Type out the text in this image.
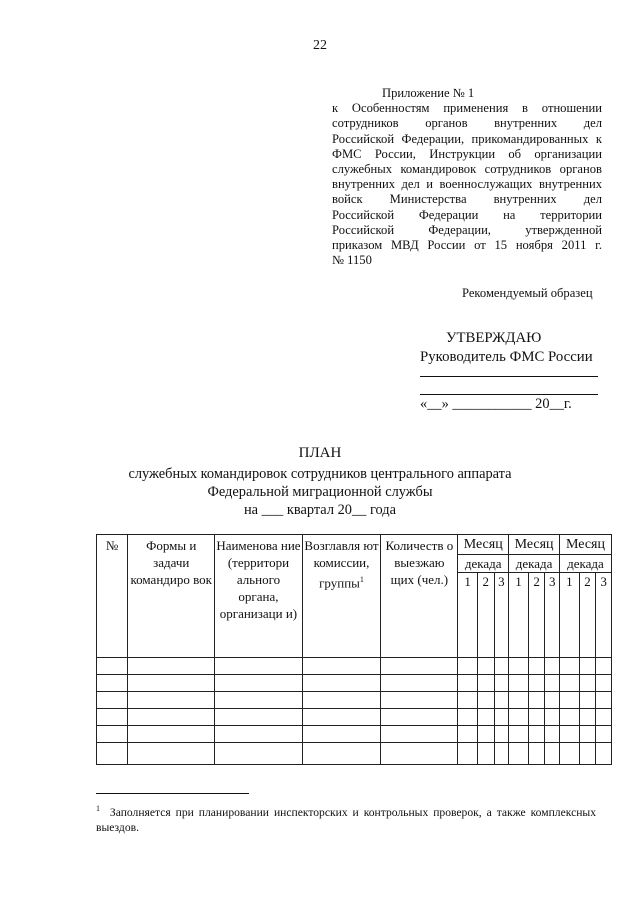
22
Приложение № 1
к Особенностям применения в отношении
сотрудников органов внутренних дел
Российской Федерации, прикомандированных к
ФМС России, Инструкции об организации
служебных командировок сотрудников органов
внутренних дел и военнослужащих внутренних
войск Министерства внутренних дел
Российской Федерации на территории
Российской Федерации, утвержденной
приказом МВД России от 15 ноября 2011 г.
№ 1150
Рекомендуемый образец
УТВЕРЖДАЮ
Руководитель ФМС России
«__» ___________ 20__г.
ПЛАН
служебных командировок сотрудников центрального аппарата
Федеральной миграционной службы
на ___ квартал 20__ года
№	Формы и задачи командиро вок	Наименова ние (территори ального органа, организаци и)	Возглавля ют комиссии, группы$^1$	Количеств о выезжаю щих (чел.)	Месяц			Месяц			Месяц		
					декада			декада			декада		
					1	2	3	1	2	3	1	2	3

$^1$ Заполняется при планировании инспекторских и контрольных проверок, а также комплексных выездов.
